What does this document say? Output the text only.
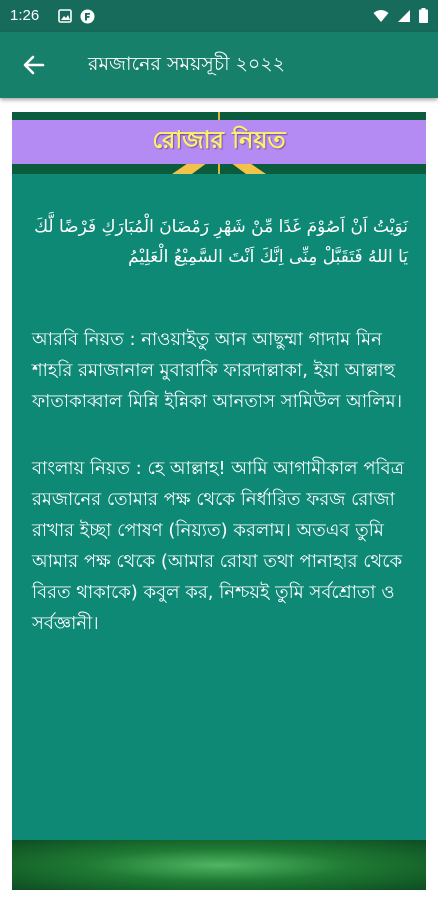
1:26
রমজানের সময়সূচী ২০২২
রোজার নিয়ত

نَوَيْتُ اَنْ اَصُوْمَ غَدًا مِّنْ شَهْرِ رَمْضَانَ الْمُبَارَكِ فَرْضًا لَّكَ يَا اللهُ فَتَقَبَّلْ مِنِّى اِنَّكَ اَنْتَ السَّمِيْعُ الْعَلِيْمُ

আরবি নিয়ত : নাওয়াইতু আন আছুম্মা গাদাম মিন শাহরি রমাজানাল মুবারাকি ফারদাল্লাকা, ইয়া আল্লাহু ফাতাকাব্বাল মিন্নি ইন্নিকা আনতাস সামিউল আলিম।

বাংলায় নিয়ত : হে আল্লাহ! আমি আগামীকাল পবিত্র রমজানের তোমার পক্ষ থেকে নির্ধারিত ফরজ রোজা রাখার ইচ্ছা পোষণ (নিয়্যত) করলাম। অতএব তুমি আমার পক্ষ থেকে (আমার রোযা তথা পানাহার থেকে বিরত থাকাকে) কবুল কর, নিশ্চয়ই তুমি সর্বশ্রোতা ও সর্বজ্ঞানী।
